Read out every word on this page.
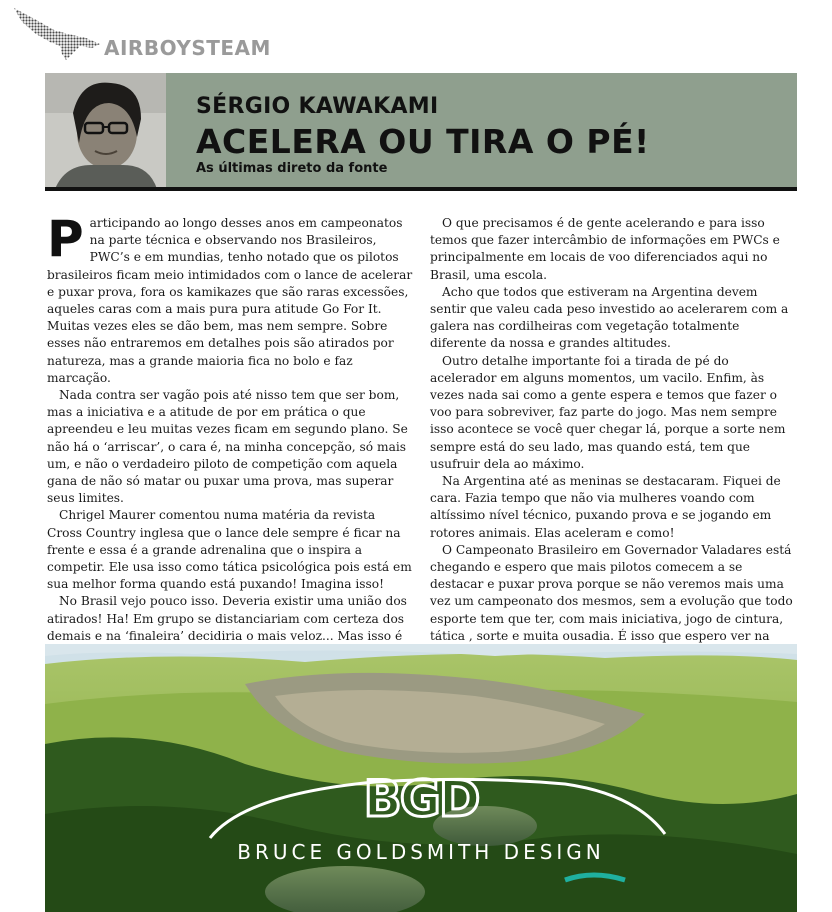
AIRBOYSTEAM
SÉRGIO KAWAKAMI
ACELERA OU TIRA O PÉ!
As últimas direto da fonte

Participando ao longo desses anos em campeonatos na parte técnica e observando nos Brasileiros, PWC’s e em mundias, tenho notado que os pilotos brasileiros ficam meio intimidados com o lance de acelerar e puxar prova, fora os kamikazes que são raras excessões, aqueles caras com a mais pura pura atitude Go For It. Muitas vezes eles se dão bem, mas nem sempre. Sobre esses não entraremos em detalhes pois são atirados por natureza, mas a grande maioria fica no bolo e faz marcação.

Nada contra ser vagão pois até nisso tem que ser bom, mas a iniciativa e a atitude de por em prática o que apreendeu e leu muitas vezes ficam em segundo plano. Se não há o ‘arriscar’, o cara é, na minha concepção, só mais um, e não o verdadeiro piloto de competição com aquela gana de não só matar ou puxar uma prova, mas superar seus limites.

Chrigel Maurer comentou numa matéria da revista Cross Country inglesa que o lance dele sempre é ficar na frente e essa é a grande adrenalina que o inspira a competir. Ele usa isso como tática psicológica pois está em sua melhor forma quando está puxando! Imagina isso!

No Brasil vejo pouco isso. Deveria existir uma união dos atirados! Ha! Em grupo se distanciariam com certeza dos demais e na ‘finaleira’ decidiria o mais veloz... Mas isso é

O que precisamos é de gente acelerando e para isso temos que fazer intercâmbio de informações em PWCs e principalmente em locais de voo diferenciados aqui no Brasil, uma escola.

Acho que todos que estiveram na Argentina devem sentir que valeu cada peso investido ao acelerarem com a galera nas cordilheiras com vegetação totalmente diferente da nossa e grandes altitudes.

Outro detalhe importante foi a tirada de pé do acelerador em alguns momentos, um vacilo. Enfim, às vezes nada sai como a gente espera e temos que fazer o voo para sobreviver, faz parte do jogo. Mas nem sempre isso acontece se você quer chegar lá, porque a sorte nem sempre está do seu lado, mas quando está, tem que usufruir dela ao máximo.

Na Argentina até as meninas se destacaram. Fiquei de cara. Fazia tempo que não via mulheres voando com altíssimo nível técnico, puxando prova e se jogando em rotores animais. Elas aceleram e como!

O Campeonato Brasileiro em Governador Valadares está chegando e espero que mais pilotos comecem a se destacar e puxar prova porque se não veremos mais uma vez um campeonato dos mesmos, sem a evolução que todo esporte tem que ter, com mais iniciativa, jogo de cintura, tática , sorte e muita ousadia. É isso que espero ver na

BGD
BRUCE GOLDSMITH DESIGN
